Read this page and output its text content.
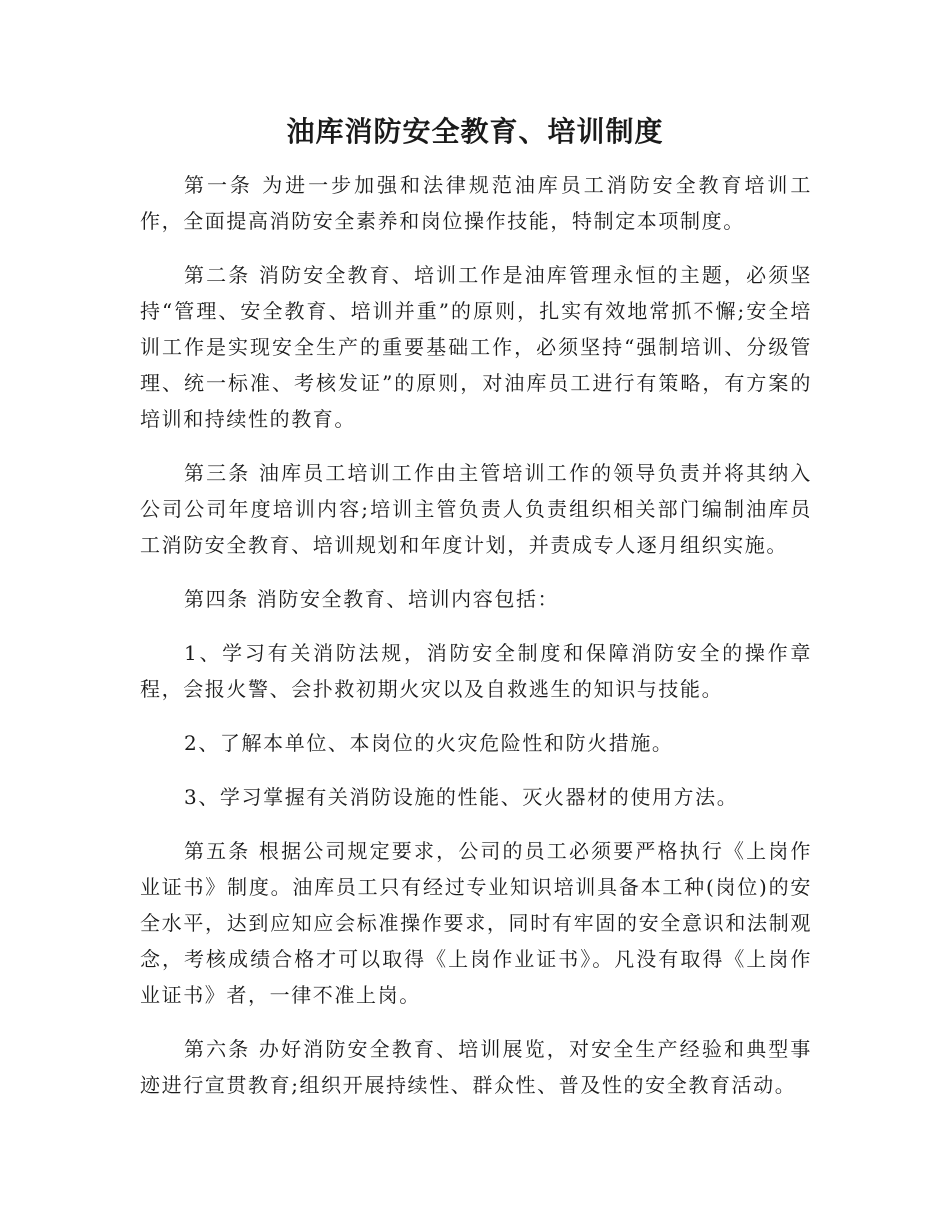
油库消防安全教育、培训制度

第一条 为进一步加强和法律规范油库员工消防安全教育培训工作，全面提高消防安全素养和岗位操作技能，特制定本项制度。

第二条 消防安全教育、培训工作是油库管理永恒的主题，必须坚持“管理、安全教育、培训并重”的原则，扎实有效地常抓不懈;安全培训工作是实现安全生产的重要基础工作，必须坚持“强制培训、分级管理、统一标准、考核发证”的原则，对油库员工进行有策略，有方案的培训和持续性的教育。

第三条 油库员工培训工作由主管培训工作的领导负责并将其纳入公司公司年度培训内容;培训主管负责人负责组织相关部门编制油库员工消防安全教育、培训规划和年度计划，并责成专人逐月组织实施。

第四条 消防安全教育、培训内容包括：

1、学习有关消防法规，消防安全制度和保障消防安全的操作章程，会报火警、会扑救初期火灾以及自救逃生的知识与技能。

2、了解本单位、本岗位的火灾危险性和防火措施。

3、学习掌握有关消防设施的性能、灭火器材的使用方法。

第五条 根据公司规定要求，公司的员工必须要严格执行《上岗作业证书》制度。油库员工只有经过专业知识培训具备本工种(岗位)的安全水平，达到应知应会标准操作要求，同时有牢固的安全意识和法制观念，考核成绩合格才可以取得《上岗作业证书》。凡没有取得《上岗作业证书》者，一律不准上岗。

第六条 办好消防安全教育、培训展览，对安全生产经验和典型事迹进行宣贯教育;组织开展持续性、群众性、普及性的安全教育活动。
